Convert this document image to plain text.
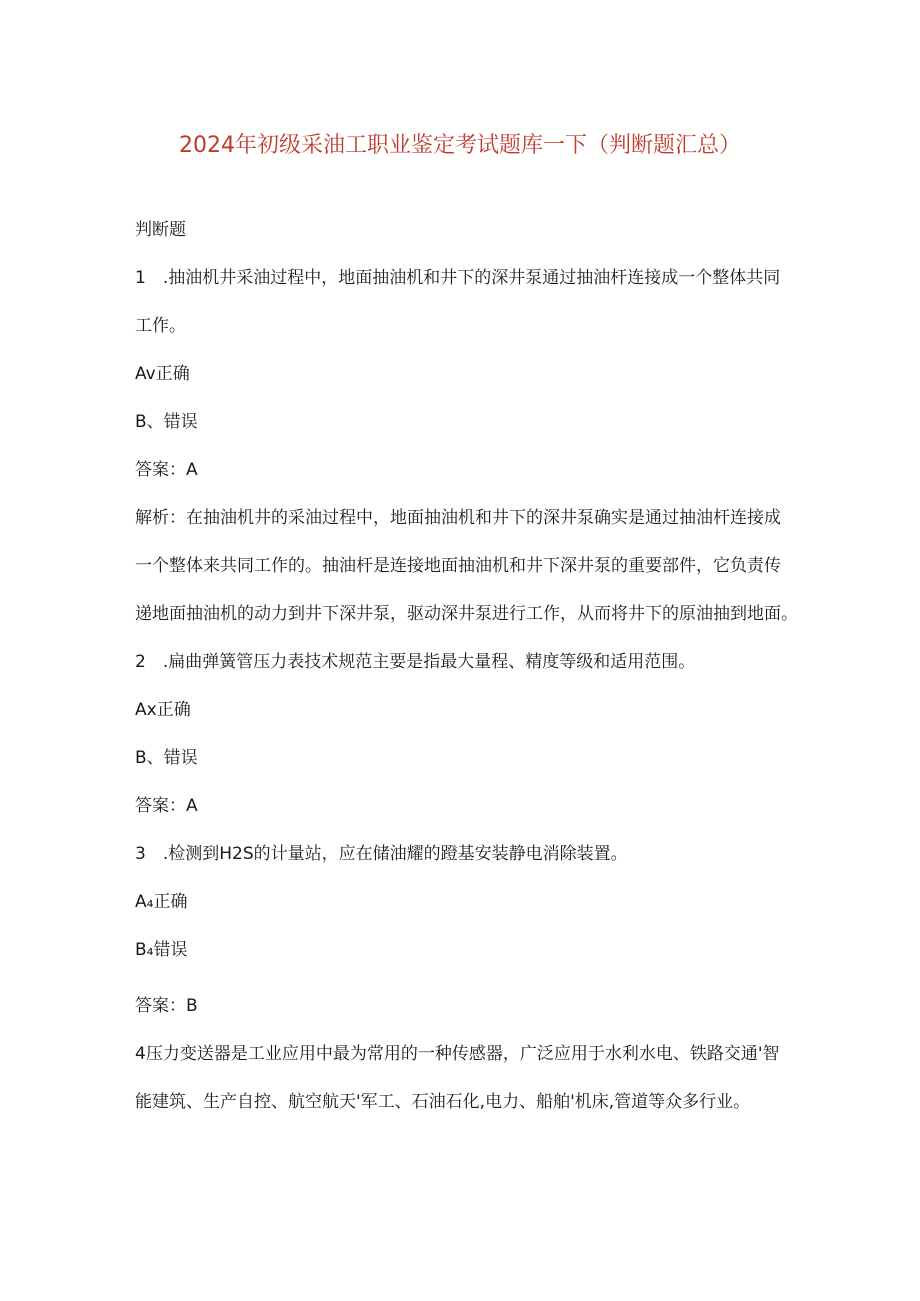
2024年初级采油工职业鉴定考试题库一下（判断题汇总）
判断题
1　.抽油机井采油过程中，地面抽油机和井下的深井泵通过抽油杆连接成一个整体共同
工作。
Av正确
B、错误
答案：A
解析：在抽油机井的采油过程中，地面抽油机和井下的深井泵确实是通过抽油杆连接成
一个整体来共同工作的。抽油杆是连接地面抽油机和井下深井泵的重要部件，它负责传
递地面抽油机的动力到井下深井泵，驱动深井泵进行工作，从而将井下的原油抽到地面。
2　.扁曲弹簧管压力表技术规范主要是指最大量程、精度等级和适用范围。
Ax正确
B、错误
答案：A
3　.检测到H2S的计量站，应在储油耀的蹬基安装静电消除装置。
A₄正确
B₄错误
答案：B
4压力变送器是工业应用中最为常用的一种传感器，广泛应用于水利水电、铁路交通'智
能建筑、生产自控、航空航天'军工、石油石化,电力、船舶'机床,管道等众多行业。
